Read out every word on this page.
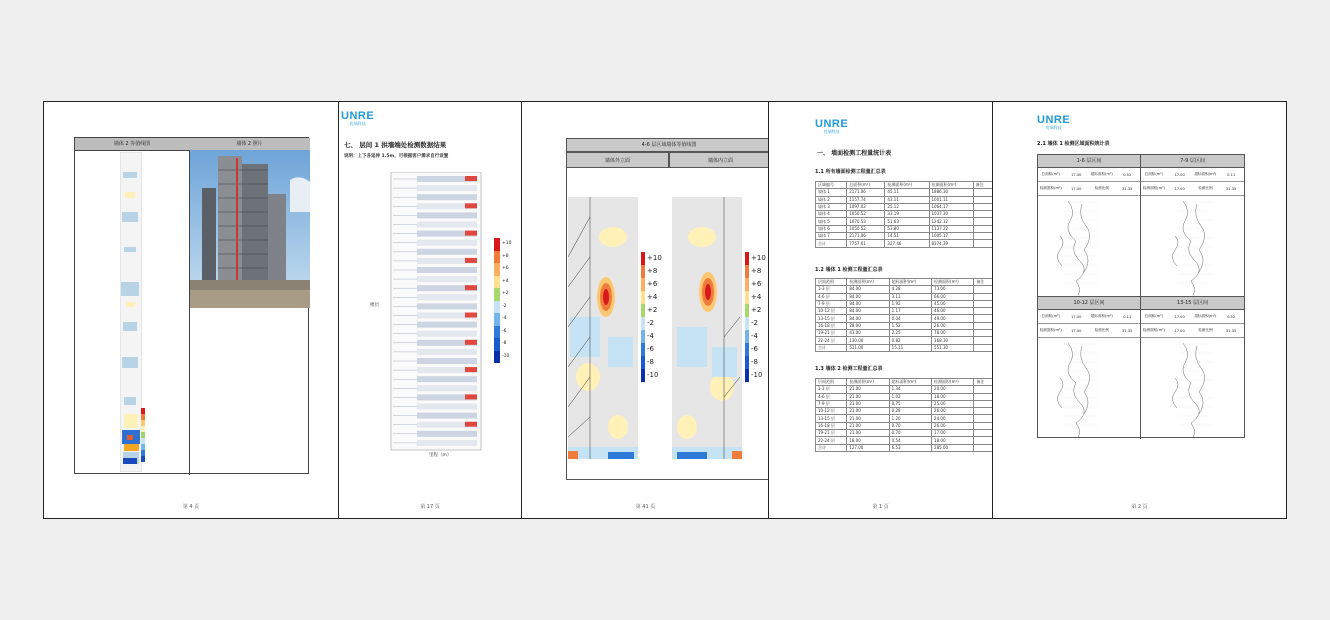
墙体 2 等值线图	墙体 2 照片
第 4 页
UNRE
优瑞科技
七、 层间 1 拱墙端处检测数据结果
说明：上下各延伸 1.5m，可根据客户需求自行设置
楼层
里程（m）
+10
+8
+6
+4
+2
-2
-4
-6
-8
-10
第 17 页
4-6 层区域墙体等值线图
墙体外立面	墙体内立面
+10
+8
+6
+4
+2
-2
-4
-6
-8
-10
+10
+8
+6
+4
+2
-2
-4
-6
-8
-10
第 41 页
UNRE
优瑞科技
一、 墙面检测工程量统计表
1.1 所有墙面检测工程量汇总表
区域编号	总面积(m²)	检测面积(m²)	检测面积(m²)	备注
墙体 1	2171.06	45.11	1886.30	
墙体 2	1157.74	43.11	1001.11	
墙体 3	1097.02	25.12	1064.17	
墙体 4	1050.52	33.19	1037.30	
墙体 5	1070.53	51.63	1242.12	
墙体 6	1050.52	53.80	1137.22	
墙体 7	2171.06	14.51	1005.17	
合计	7757.61	327.46	8374.39	
1.2 墙体 1 检测工程量汇总表
层间范围	检测面积(m²)	超标面积(m²)	检测面积(m²)	备注
1-3 层	84.00	4.28	73.00	
4-6 层	84.00	3.11	66.00	
7-9 层	84.00	1.92	45.00	
10-12 层	84.00	1.17	46.00	
13-15 层	84.00	0.04	49.00	
16-18 层	28.00	1.52	26.00	
19-21 层	43.00	2.25	78.00	
22-24 层	130.00	0.82	168.30	
合计	511.00	15.11	551.30	
1.3 墙体 2 检测工程量汇总表
层间范围	检测面积(m²)	超标面积(m²)	检测面积(m²)	备注
1-3 层	21.00	1.34	20.00	
4-6 层	21.00	1.02	18.00	
7-9 层	21.00	0.75	25.00	
10-12 层	21.00	0.28	26.00	
13-15 层	21.00	1.20	24.00	
16-18 层	21.00	0.70	26.00	
19-21 层	21.00	0.70	17.00	
22-24 层	18.00	0.54	18.00	
合计	127.00	6.53	285.00	
第 1 页
UNRE
优瑞科技
2.1 墙体 1 检测区域面积统计表
1-6 层区间
总面积(m²)	17.00	超标面积(m²)	0.52
检测面积(m²)	17.00	检测比例	31.35
7-9 层区间
总面积(m²)	17.00	超标面积(m²)	0.11
检测面积(m²)	17.00	检测比例	31.35
10-12 层区间
总面积(m²)	17.00	超标面积(m²)	0.11
检测面积(m²)	17.00	检测比例	31.35
13-15 层区间
总面积(m²)	17.00	超标面积(m²)	0.52
检测面积(m²)	17.00	检测比例	31.35
第 2 页
